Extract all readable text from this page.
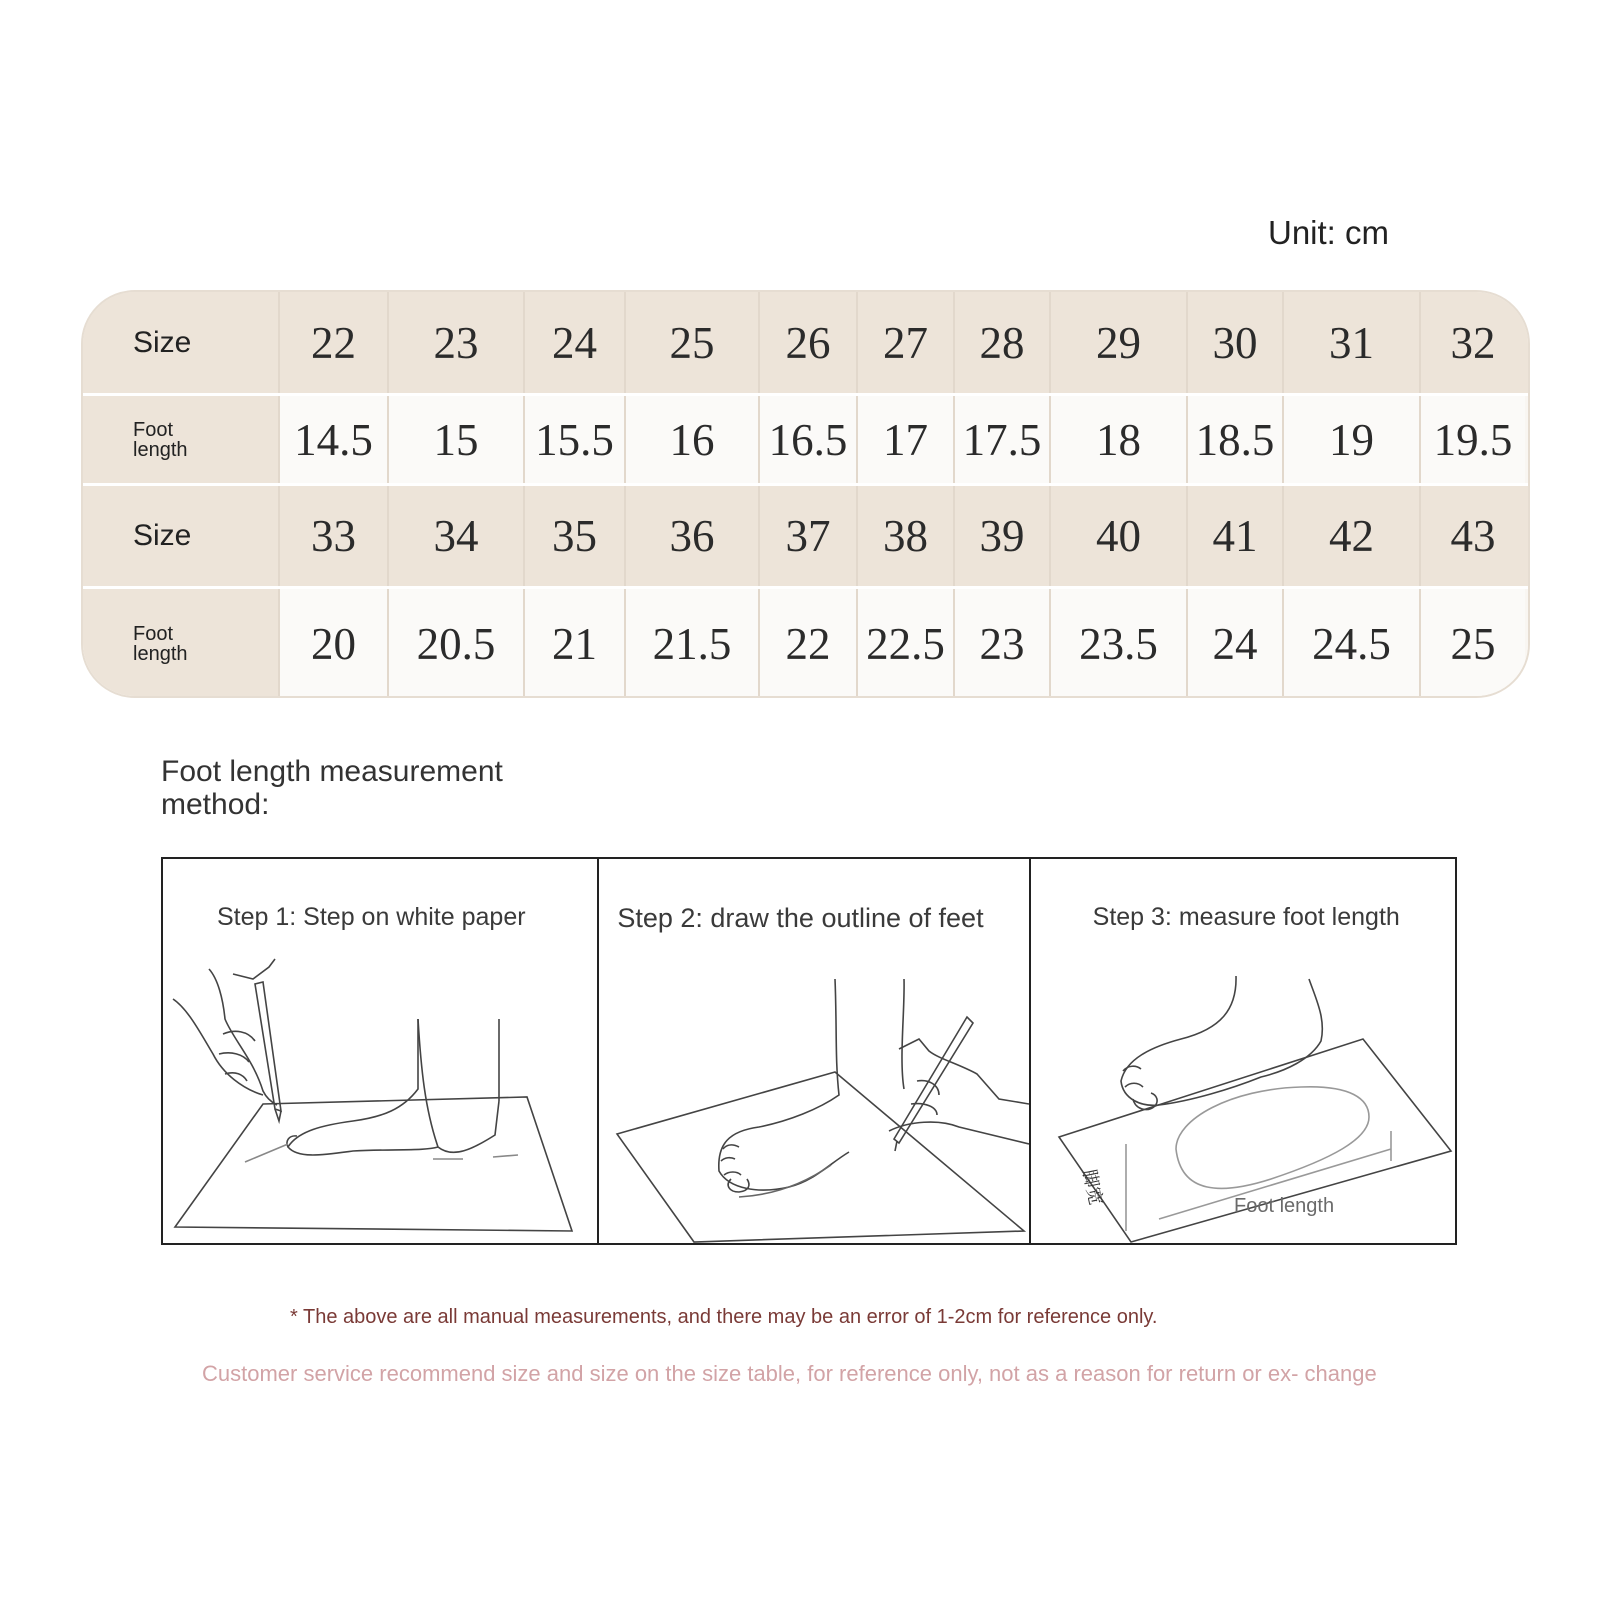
Unit: cm
Size	22	23	24	25	26	27	28	29	30	31	32
Foot length	14.5	15	15.5	16	16.5 17 17.5	18	18.5	19	19.5
Size	33	34	35	36	37	38	39	40	41	42	43
Foot length	20	20.5	21	21.5	22 22.5 23	23.5	24	24.5	25
Foot length measurement method:
Step 1: Step on white paper	Step 2: draw the outline of feet	Step 3: measure foot length
Foot length
脚宽
* The above are all manual measurements, and there may be an error of 1-2cm for reference only.
Customer service recommend size and size on the size table, for reference only, not as a reason for return or ex- change
